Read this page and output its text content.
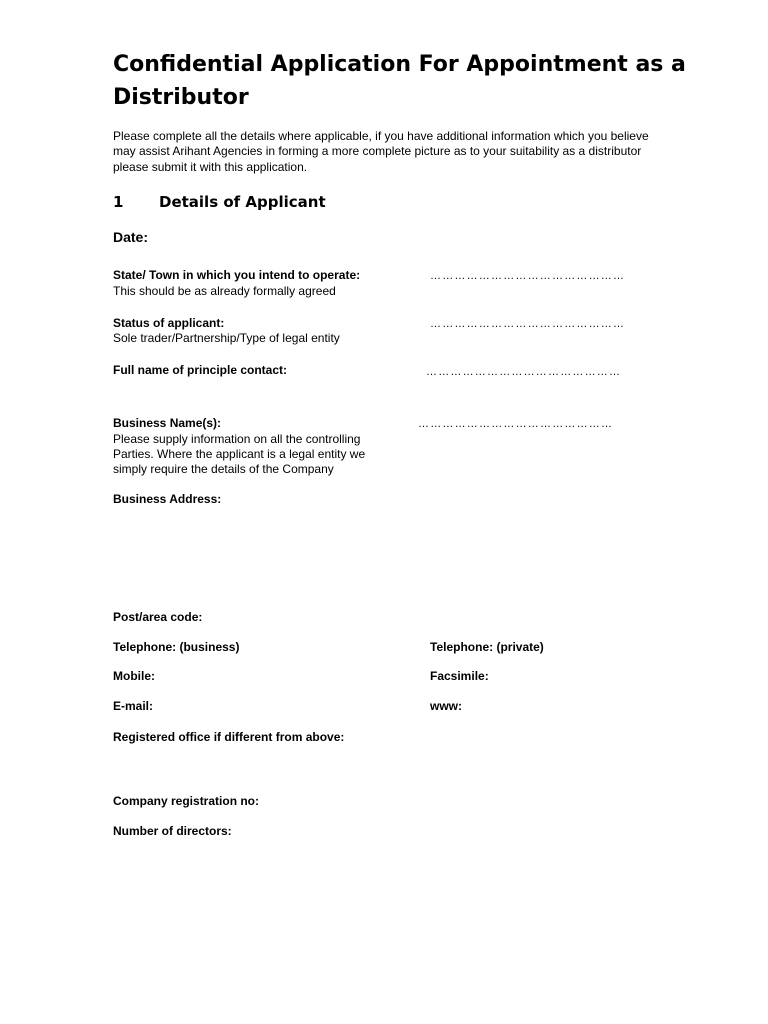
Confidential Application For Appointment as a Distributor

Please complete all the details where applicable, if you have additional information which you believe
may assist Arihant Agencies in forming a more complete picture as to your suitability as a distributor
please submit it with this application.

1 Details of Applicant
Date:
State/ Town in which you intend to operate:
This should be as already formally agreed
…………………………………………
Status of applicant:
Sole trader/Partnership/Type of legal entity
…………………………………………
Full name of principle contact:	…………………………………………
Business Name(s):	…………………………………………
Please supply information on all the controlling
Parties. Where the applicant is a legal entity we
simply require the details of the Company
Business Address:
Post/area code:
Telephone: (business)	Telephone: (private)
Mobile:	Facsimile:
E-mail:	www:
Registered office if different from above:
Company registration no:
Number of directors:
